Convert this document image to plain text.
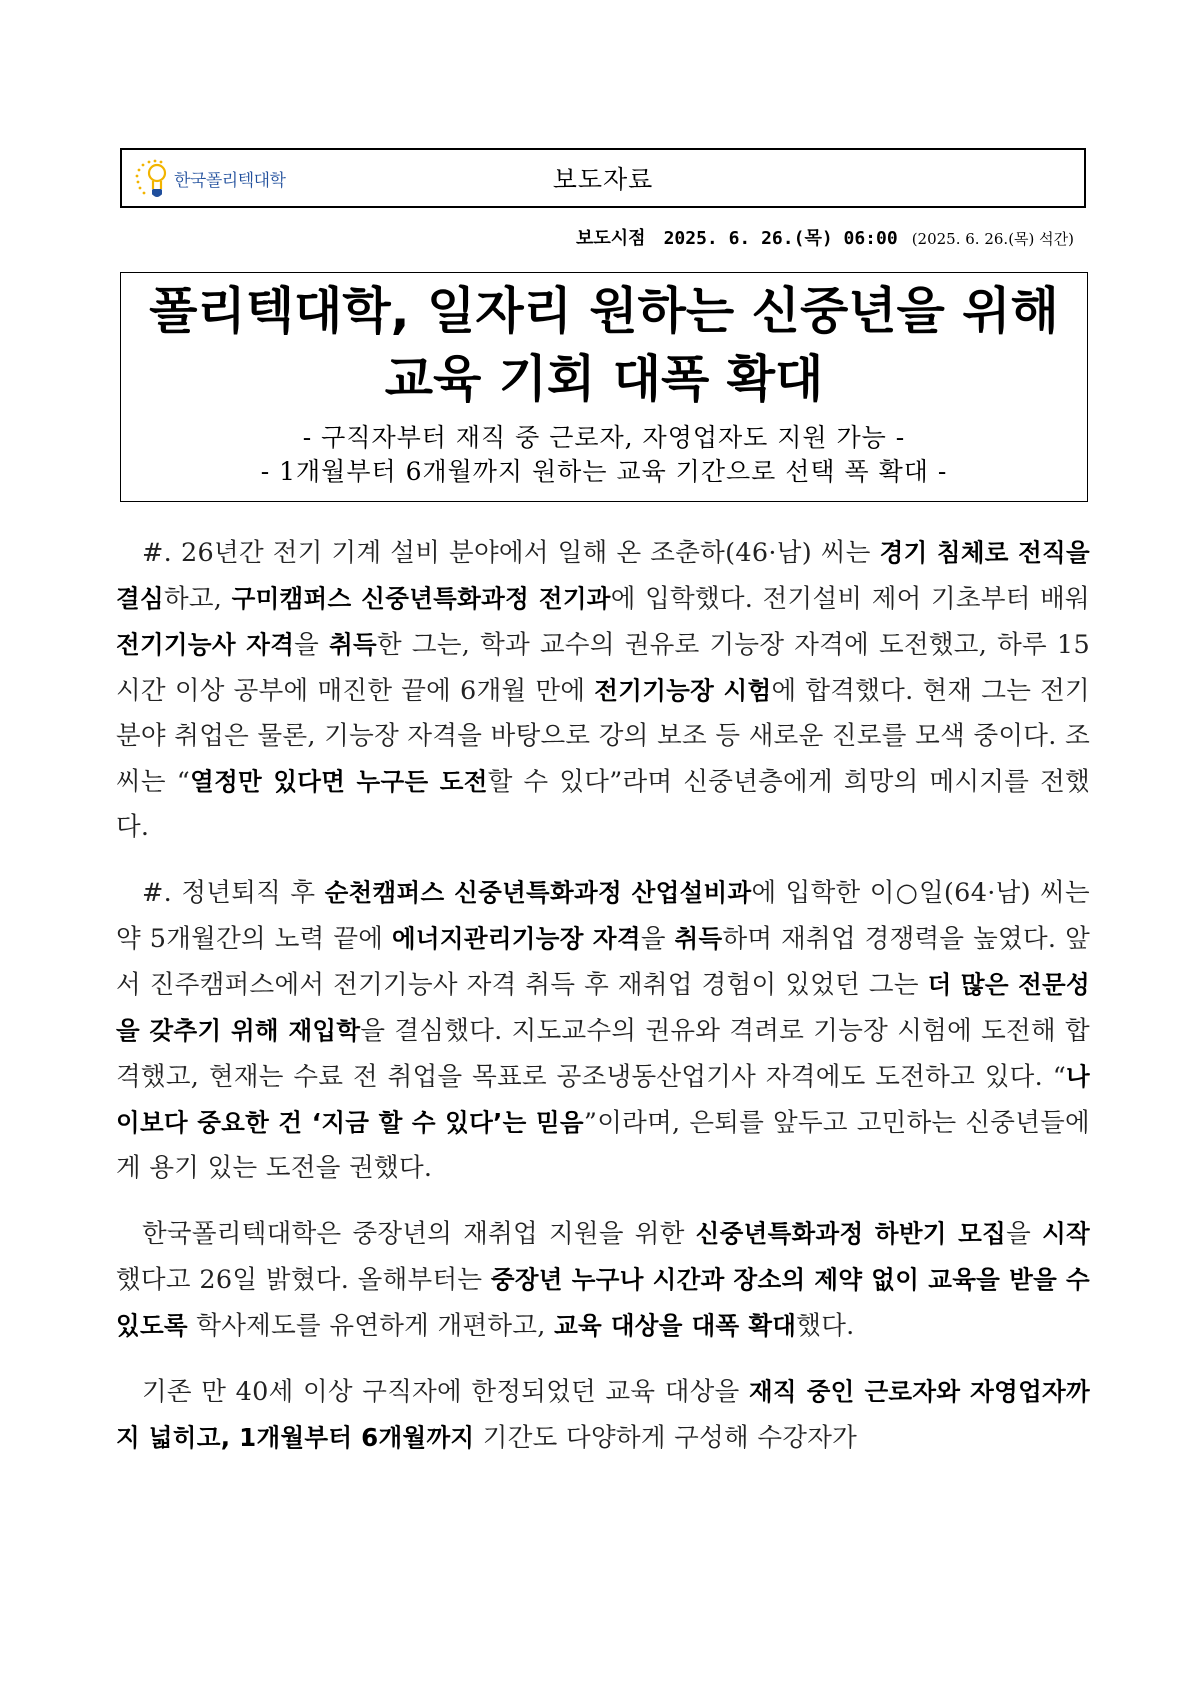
한국폴리텍대학	보도자료
보도시점 2025. 6. 26.(목) 06:00 (2025. 6. 26.(목) 석간)
폴리텍대학, 일자리 원하는 신중년을 위해
교육 기회 대폭 확대
- 구직자부터 재직 중 근로자, 자영업자도 지원 가능 -
- 1개월부터 6개월까지 원하는 교육 기간으로 선택 폭 확대 -

#. 26년간 전기 기계 설비 분야에서 일해 온 조춘하(46·남) 씨는 경기 침체로 전직을 결심하고, 구미캠퍼스 신중년특화과정 전기과에 입학했다. 전기설비 제어 기초부터 배워 전기기능사 자격을 취득한 그는, 학과 교수의 권유로 기능장 자격에 도전했고, 하루 15시간 이상 공부에 매진한 끝에 6개월 만에 전기기능장 시험에 합격했다. 현재 그는 전기 분야 취업은 물론, 기능장 자격을 바탕으로 강의 보조 등 새로운 진로를 모색 중이다. 조 씨는 “열정만 있다면 누구든 도전할 수 있다”라며 신중년층에게 희망의 메시지를 전했다.

#. 정년퇴직 후 순천캠퍼스 신중년특화과정 산업설비과에 입학한 이○일(64·남) 씨는 약 5개월간의 노력 끝에 에너지관리기능장 자격을 취득하며 재취업 경쟁력을 높였다. 앞서 진주캠퍼스에서 전기기능사 자격 취득 후 재취업 경험이 있었던 그는 더 많은 전문성을 갖추기 위해 재입학을 결심했다. 지도교수의 권유와 격려로 기능장 시험에 도전해 합격했고, 현재는 수료 전 취업을 목표로 공조냉동산업기사 자격에도 도전하고 있다. “나이보다 중요한 건 ‘지금 할 수 있다’는 믿음”이라며, 은퇴를 앞두고 고민하는 신중년들에게 용기 있는 도전을 권했다.

한국폴리텍대학은 중장년의 재취업 지원을 위한 신중년특화과정 하반기 모집을 시작했다고 26일 밝혔다. 올해부터는 중장년 누구나 시간과 장소의 제약 없이 교육을 받을 수 있도록 학사제도를 유연하게 개편하고, 교육 대상을 대폭 확대했다.

기존 만 40세 이상 구직자에 한정되었던 교육 대상을 재직 중인 근로자와 자영업자까지 넓히고, 1개월부터 6개월까지 기간도 다양하게 구성해 수강자가
